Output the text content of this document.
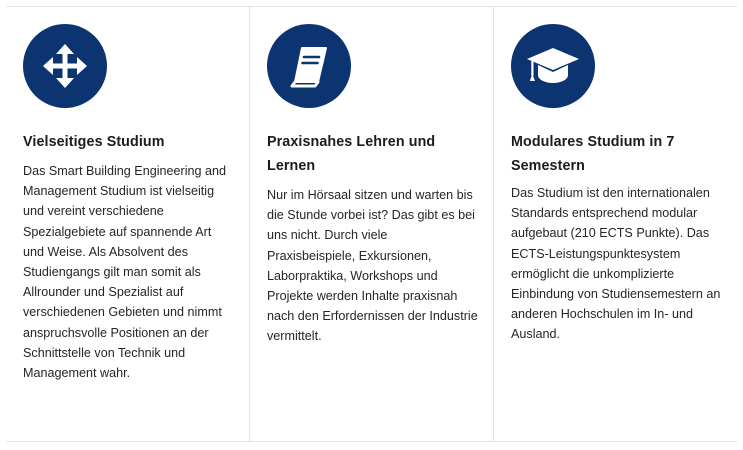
Vielseitiges Studium

Das Smart Building Engineering and Management Studium ist vielseitig und vereint verschiedene Spezialgebiete auf spannende Art und Weise. Als Absolvent des Studiengangs gilt man somit als Allrounder und Spezialist auf verschiedenen Gebieten und nimmt anspruchsvolle Positionen an der Schnittstelle von Technik und Management wahr.

Praxisnahes Lehren und Lernen

Nur im Hörsaal sitzen und warten bis die Stunde vorbei ist? Das gibt es bei uns nicht. Durch viele Praxisbeispiele, Exkursionen, Laborpraktika, Workshops und Projekte werden Inhalte praxisnah nach den Erfordernissen der Industrie vermittelt.

Modulares Studium in 7 Semestern

Das Studium ist den internationalen Standards entsprechend modular aufgebaut (210 ECTS Punkte). Das ECTS-Leistungspunktesystem ermöglicht die unkomplizierte Einbindung von Studiensemestern an anderen Hochschulen im In- und Ausland.
